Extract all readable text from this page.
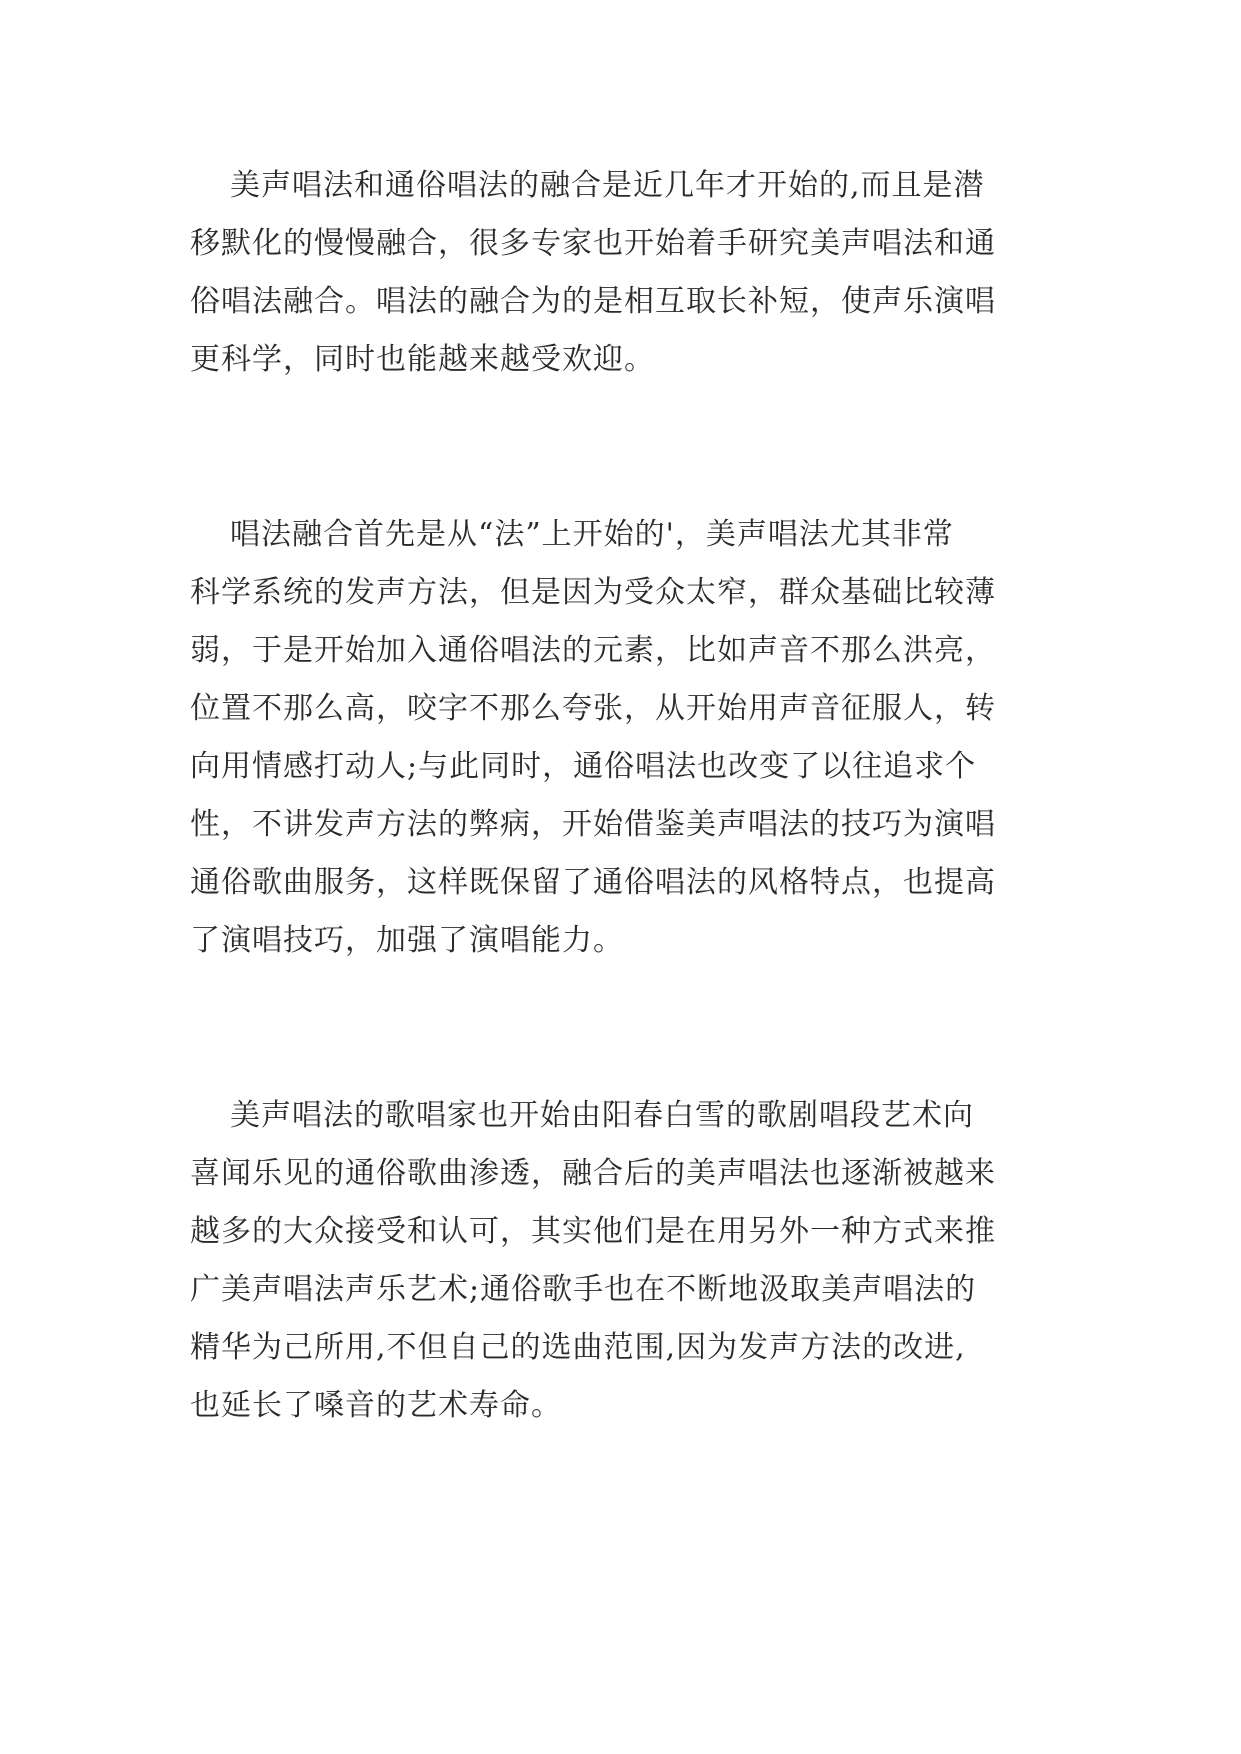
美声唱法和通俗唱法的融合是近几年才开始的,而且是潜
移默化的慢慢融合，很多专家也开始着手研究美声唱法和通
俗唱法融合。唱法的融合为的是相互取长补短，使声乐演唱
更科学，同时也能越来越受欢迎。

唱法融合首先是从“法”上开始的'，美声唱法尤其非常
科学系统的发声方法，但是因为受众太窄，群众基础比较薄
弱，于是开始加入通俗唱法的元素，比如声音不那么洪亮，
位置不那么高，咬字不那么夸张，从开始用声音征服人，转
向用情感打动人;与此同时，通俗唱法也改变了以往追求个
性，不讲发声方法的弊病，开始借鉴美声唱法的技巧为演唱
通俗歌曲服务，这样既保留了通俗唱法的风格特点，也提高
了演唱技巧，加强了演唱能力。

美声唱法的歌唱家也开始由阳春白雪的歌剧唱段艺术向
喜闻乐见的通俗歌曲渗透，融合后的美声唱法也逐渐被越来
越多的大众接受和认可，其实他们是在用另外一种方式来推
广美声唱法声乐艺术;通俗歌手也在不断地汲取美声唱法的
精华为己所用,不但自己的选曲范围,因为发声方法的改进,
也延长了嗓音的艺术寿命。
